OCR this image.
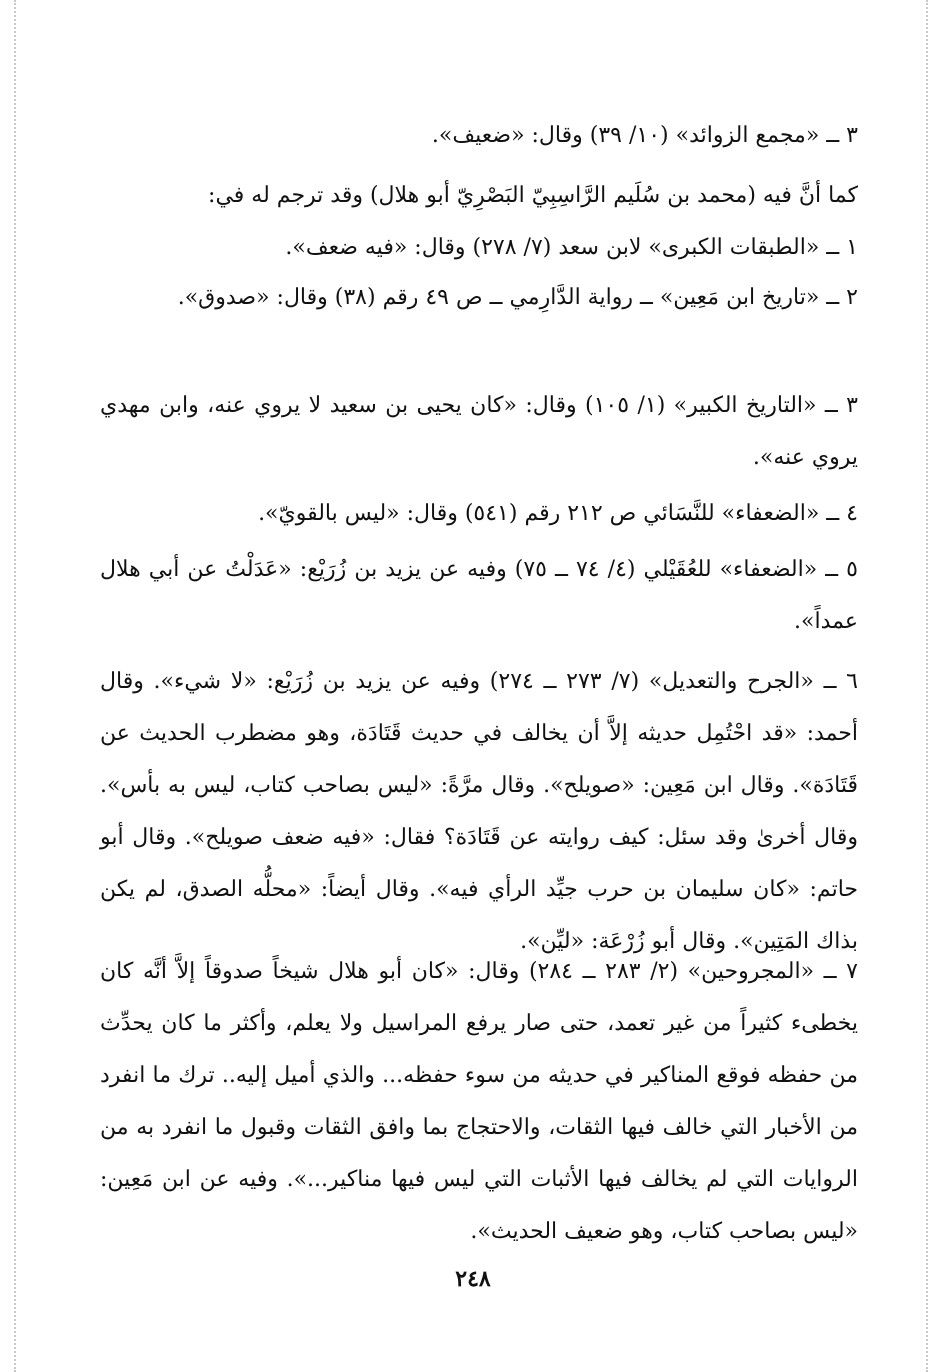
٣ ــ «مجمع الزوائد» (١٠/ ٣٩) وقال: «ضعيف».
كما أنَّ فيه (محمد بن سُلَيم الرَّاسِبِيّ البَصْرِيّ أبو هلال) وقد ترجم له في:
١ ــ «الطبقات الكبرى» لابن سعد (٧/ ٢٧٨) وقال: «فيه ضعف».
٢ ــ «تاريخ ابن مَعِين» ــ رواية الدَّارِمي ــ ص ٤٩ رقم (٣٨) وقال: «صدوق».
٣ ــ «التاريخ الكبير» (١/ ١٠٥) وقال: «كان يحيى بن سعيد لا يروي عنه، وابن مهدي يروي عنه».
٤ ــ «الضعفاء» للنَّسَائي ص ٢١٢ رقم (٥٤١) وقال: «ليس بالقويّ».
٥ ــ «الضعفاء» للعُقَيْلي (٤/ ٧٤ ــ ٧٥) وفيه عن يزيد بن زُرَيْع: «عَدَلْتُ عن أبي هلال عمداً».
٦ ــ «الجرح والتعديل» (٧/ ٢٧٣ ــ ٢٧٤) وفيه عن يزيد بن زُرَيْع: «لا شيء». وقال أحمد: «قد احْتُمِل حديثه إلاَّ أن يخالف في حديث قَتَادَة، وهو مضطرب الحديث عن قَتَادَة». وقال ابن مَعِين: «صويلح». وقال مرَّةً: «ليس بصاحب كتاب، ليس به بأس». وقال أخرىٰ وقد سئل: كيف روايته عن قَتَادَة؟ فقال: «فيه ضعف صويلح». وقال أبو حاتم: «كان سليمان بن حرب جيِّد الرأي فيه». وقال أيضاً: «محلُّه الصدق، لم يكن بذاك المَتِين». وقال أبو زُرْعَة: «ليِّن».
٧ ــ «المجروحين» (٢/ ٢٨٣ ــ ٢٨٤) وقال: «كان أبو هلال شيخاً صدوقاً إلاَّ أنَّه كان يخطىء كثيراً من غير تعمد، حتى صار يرفع المراسيل ولا يعلم، وأكثر ما كان يحدِّث من حفظه فوقع المناكير في حديثه من سوء حفظه... والذي أميل إليه.. ترك ما انفرد من الأخبار التي خالف فيها الثقات، والاحتجاج بما وافق الثقات وقبول ما انفرد به من الروايات التي لم يخالف فيها الأثبات التي ليس فيها مناكير...». وفيه عن ابن مَعِين: «ليس بصاحب كتاب، وهو ضعيف الحديث».
٢٤٨
